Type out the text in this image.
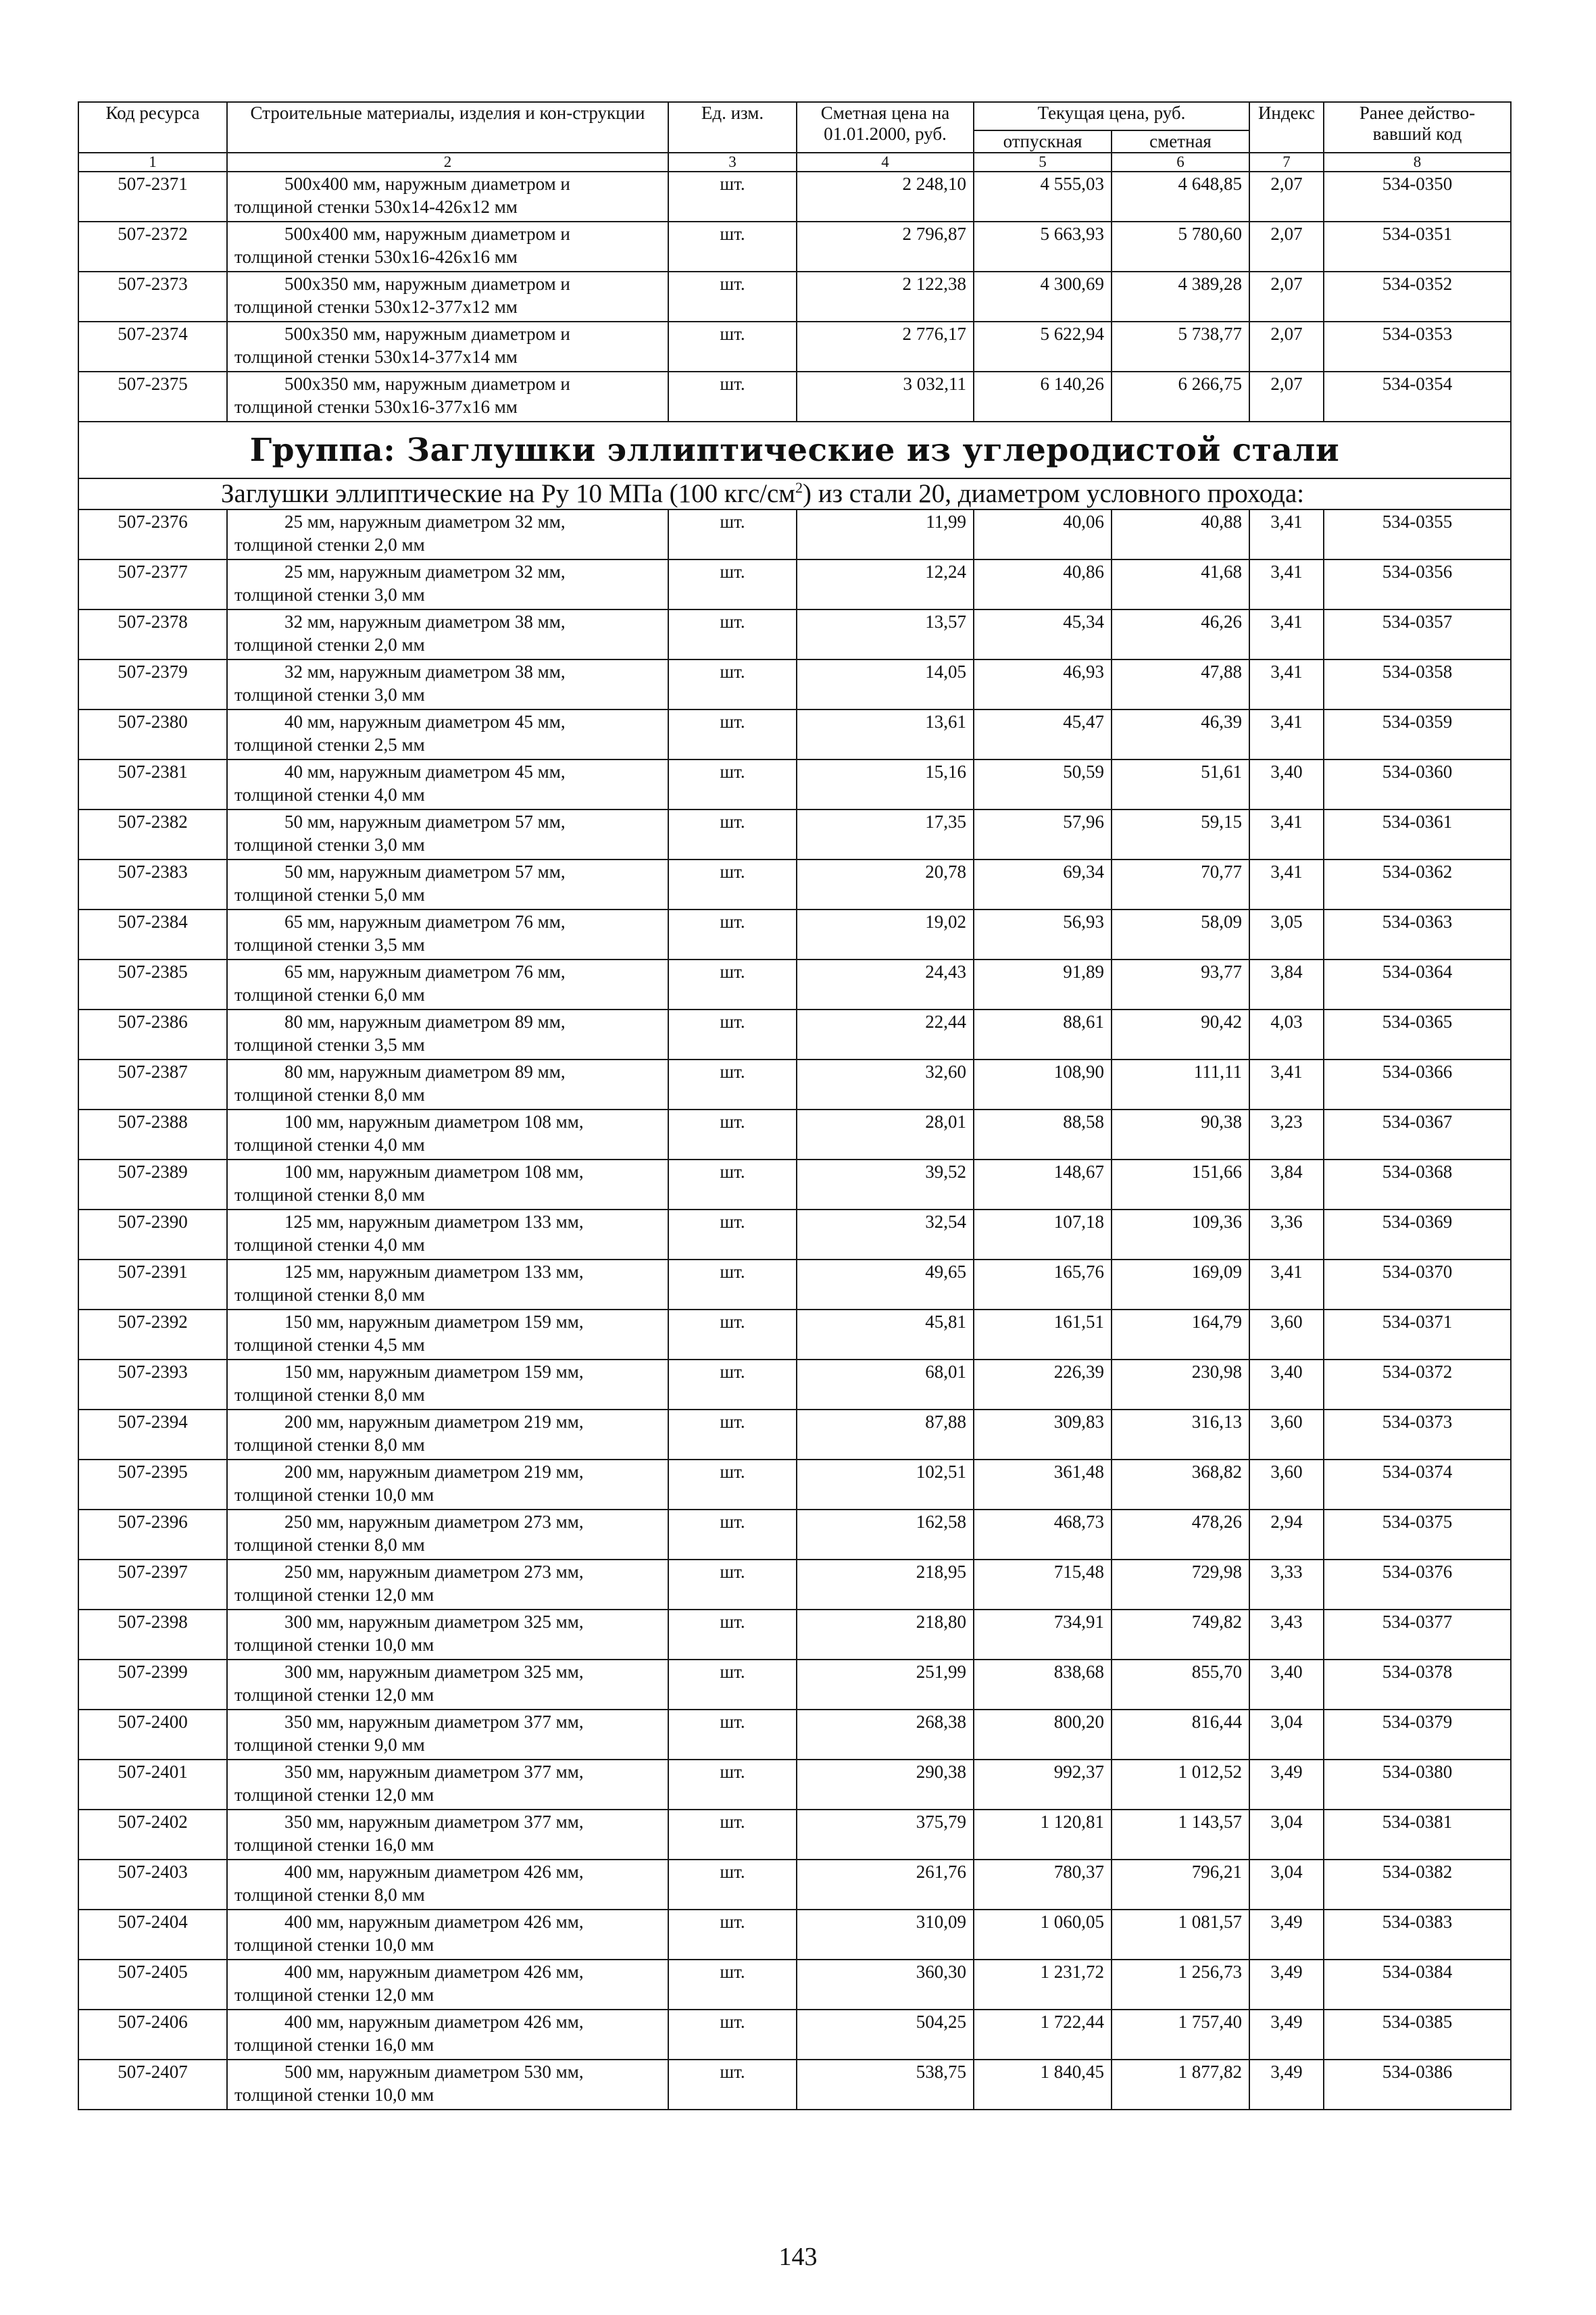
Код ресурса	Строительные материалы, изделия и кон-струкции	Ед. изм.	Сметная цена на 01.01.2000, руб.	Текущая цена, руб.		Индекс	Ранее действо-вавший код
				отпускная	сметная		
1	2	3	4	5	6	7	8
507-2371	500x400 мм, наружным диаметром и
толщиной стенки 530x14-426x12 мм	шт.	2 248,10	4 555,03	4 648,85	2,07	534-0350
507-2372	500x400 мм, наружным диаметром и
толщиной стенки 530x16-426x16 мм	шт.	2 796,87	5 663,93	5 780,60	2,07	534-0351
507-2373	500x350 мм, наружным диаметром и
толщиной стенки 530x12-377x12 мм	шт.	2 122,38	4 300,69	4 389,28	2,07	534-0352
507-2374	500x350 мм, наружным диаметром и
толщиной стенки 530x14-377x14 мм	шт.	2 776,17	5 622,94	5 738,77	2,07	534-0353
507-2375	500x350 мм, наружным диаметром и
толщиной стенки 530x16-377x16 мм	шт.	3 032,11	6 140,26	6 266,75	2,07	534-0354
Группа: Заглушки эллиптические из углеродистой стали							
Заглушки эллиптические на Ру 10 МПа (100 кгс/$см^2$) из стали 20, диаметром условного прохода:							
507-2376	25 мм, наружным диаметром 32 мм,
толщиной стенки 2,0 мм	шт.	11,99	40,06	40,88	3,41	534-0355
507-2377	25 мм, наружным диаметром 32 мм,
толщиной стенки 3,0 мм	шт.	12,24	40,86	41,68	3,41	534-0356
507-2378	32 мм, наружным диаметром 38 мм,
толщиной стенки 2,0 мм	шт.	13,57	45,34	46,26	3,41	534-0357
507-2379	32 мм, наружным диаметром 38 мм,
толщиной стенки 3,0 мм	шт.	14,05	46,93	47,88	3,41	534-0358
507-2380	40 мм, наружным диаметром 45 мм,
толщиной стенки 2,5 мм	шт.	13,61	45,47	46,39	3,41	534-0359
507-2381	40 мм, наружным диаметром 45 мм,
толщиной стенки 4,0 мм	шт.	15,16	50,59	51,61	3,40	534-0360
507-2382	50 мм, наружным диаметром 57 мм,
толщиной стенки 3,0 мм	шт.	17,35	57,96	59,15	3,41	534-0361
507-2383	50 мм, наружным диаметром 57 мм,
толщиной стенки 5,0 мм	шт.	20,78	69,34	70,77	3,41	534-0362
507-2384	65 мм, наружным диаметром 76 мм,
толщиной стенки 3,5 мм	шт.	19,02	56,93	58,09	3,05	534-0363
507-2385	65 мм, наружным диаметром 76 мм,
толщиной стенки 6,0 мм	шт.	24,43	91,89	93,77	3,84	534-0364
507-2386	80 мм, наружным диаметром 89 мм,
толщиной стенки 3,5 мм	шт.	22,44	88,61	90,42	4,03	534-0365
507-2387	80 мм, наружным диаметром 89 мм,
толщиной стенки 8,0 мм	шт.	32,60	108,90	111,11	3,41	534-0366
507-2388	100 мм, наружным диаметром 108 мм,
толщиной стенки 4,0 мм	шт.	28,01	88,58	90,38	3,23	534-0367
507-2389	100 мм, наружным диаметром 108 мм,
толщиной стенки 8,0 мм	шт.	39,52	148,67	151,66	3,84	534-0368
507-2390	125 мм, наружным диаметром 133 мм,
толщиной стенки 4,0 мм	шт.	32,54	107,18	109,36	3,36	534-0369
507-2391	125 мм, наружным диаметром 133 мм,
толщиной стенки 8,0 мм	шт.	49,65	165,76	169,09	3,41	534-0370
507-2392	150 мм, наружным диаметром 159 мм,
толщиной стенки 4,5 мм	шт.	45,81	161,51	164,79	3,60	534-0371
507-2393	150 мм, наружным диаметром 159 мм,
толщиной стенки 8,0 мм	шт.	68,01	226,39	230,98	3,40	534-0372
507-2394	200 мм, наружным диаметром 219 мм,
толщиной стенки 8,0 мм	шт.	87,88	309,83	316,13	3,60	534-0373
507-2395	200 мм, наружным диаметром 219 мм,
толщиной стенки 10,0 мм	шт.	102,51	361,48	368,82	3,60	534-0374
507-2396	250 мм, наружным диаметром 273 мм,
толщиной стенки 8,0 мм	шт.	162,58	468,73	478,26	2,94	534-0375
507-2397	250 мм, наружным диаметром 273 мм,
толщиной стенки 12,0 мм	шт.	218,95	715,48	729,98	3,33	534-0376
507-2398	300 мм, наружным диаметром 325 мм,
толщиной стенки 10,0 мм	шт.	218,80	734,91	749,82	3,43	534-0377
507-2399	300 мм, наружным диаметром 325 мм,
толщиной стенки 12,0 мм	шт.	251,99	838,68	855,70	3,40	534-0378
507-2400	350 мм, наружным диаметром 377 мм,
толщиной стенки 9,0 мм	шт.	268,38	800,20	816,44	3,04	534-0379
507-2401	350 мм, наружным диаметром 377 мм,
толщиной стенки 12,0 мм	шт.	290,38	992,37	1 012,52	3,49	534-0380
507-2402	350 мм, наружным диаметром 377 мм,
толщиной стенки 16,0 мм	шт.	375,79	1 120,81	1 143,57	3,04	534-0381
507-2403	400 мм, наружным диаметром 426 мм,
толщиной стенки 8,0 мм	шт.	261,76	780,37	796,21	3,04	534-0382
507-2404	400 мм, наружным диаметром 426 мм,
толщиной стенки 10,0 мм	шт.	310,09	1 060,05	1 081,57	3,49	534-0383
507-2405	400 мм, наружным диаметром 426 мм,
толщиной стенки 12,0 мм	шт.	360,30	1 231,72	1 256,73	3,49	534-0384
507-2406	400 мм, наружным диаметром 426 мм,
толщиной стенки 16,0 мм	шт.	504,25	1 722,44	1 757,40	3,49	534-0385
507-2407	500 мм, наружным диаметром 530 мм,
толщиной стенки 10,0 мм	шт.	538,75	1 840,45	1 877,82	3,49	534-0386
143
